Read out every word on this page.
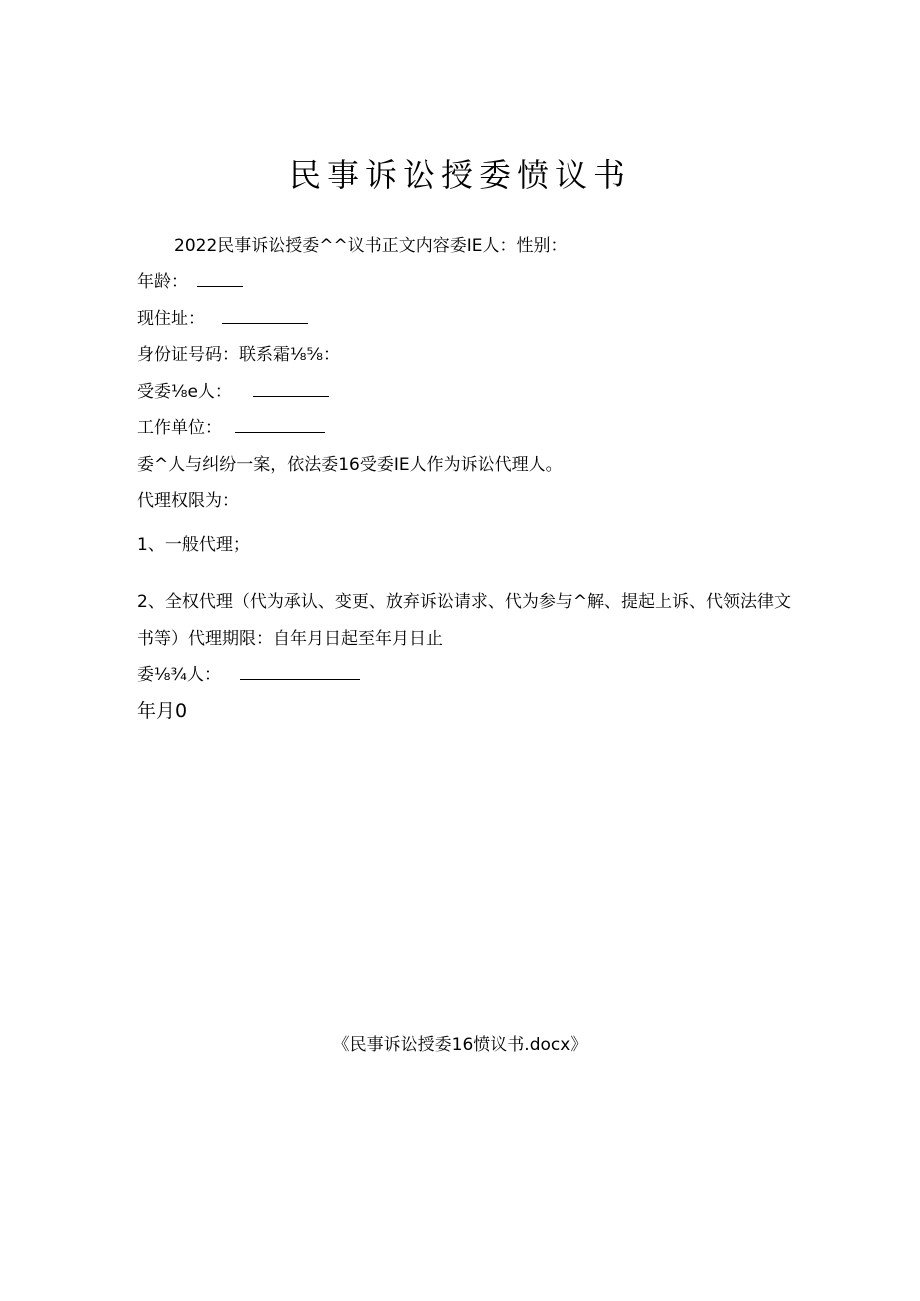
民事诉讼授委愤议书
2022民事诉讼授委^^议书正文内容委IE人：性别：
年龄：
现住址：
身份证号码：联系霜⅛⅝：
受委⅛e人：
工作单位：
委^人与纠纷一案，依法委16受委IE人作为诉讼代理人。
代理权限为：
1、一般代理；
2、全权代理（代为承认、变更、放弃诉讼请求、代为参与^解、提起上诉、代领法律文
书等）代理期限：自年月日起至年月日止
委⅛¾人：
年月0
《民事诉讼授委16愤议书.docx》
